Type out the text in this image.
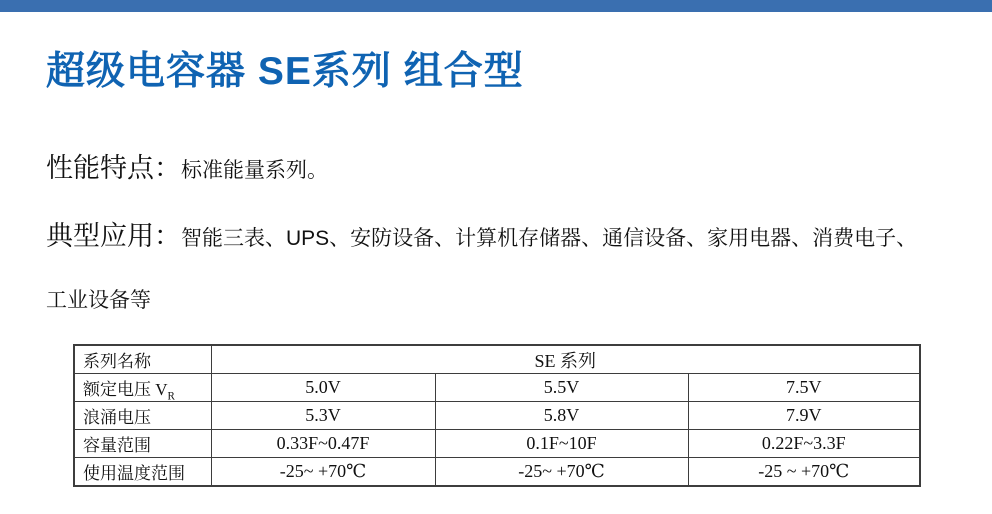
超级电容器 SE系列 组合型

性能特点：标准能量系列。

典型应用：智能三表、UPS、安防设备、计算机存储器、通信设备、家用电器、消费电子、

工业设备等

系列名称	SE 系列		
额定电压 $V_R$	5.0V	5.5V	7.5V
浪涌电压	5.3V	5.8V	7.9V
容量范围	0.33F~0.47F	0.1F~10F	0.22F~3.3F
使用温度范围	-25~ +70℃	-25~ +70℃	-25 ~ +70℃
